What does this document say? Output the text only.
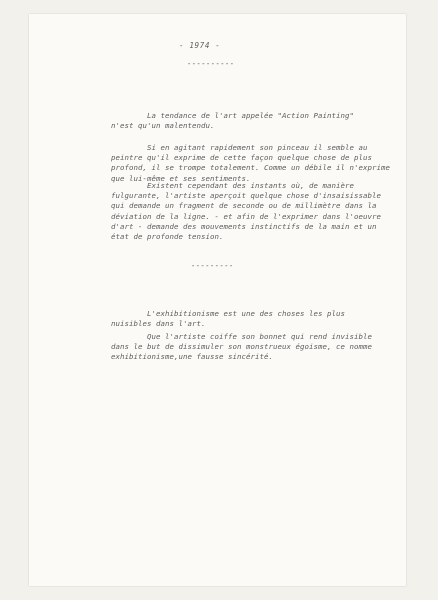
- 1974 -
----------
La tendance de l'art appelée "Action Painting"
n'est qu'un malentendu.
Si en agitant rapidement son pinceau il semble au
peintre qu'il exprime de cette façon quelque chose de plus
profond, il se trompe totalement. Comme un débile il n'exprime
que lui-même et ses sentiments.
Existent cependant des instants où, de manière
fulgurante, l'artiste aperçoit quelque chose d'insaisissable
qui demande un fragment de seconde ou de millimètre dans la
déviation de la ligne. - et afin de l'exprimer dans l'oeuvre
d'art - demande des mouvements instinctifs de la main et un
état de profonde tension.
---------
L'exhibitionisme est une des choses les plus
nuisibles dans l'art.
Que l'artiste coiffe son bonnet qui rend invisible
dans le but de dissimuler son monstrueux égoisme, ce nomme
exhibitionisme,une fausse sincérité.
